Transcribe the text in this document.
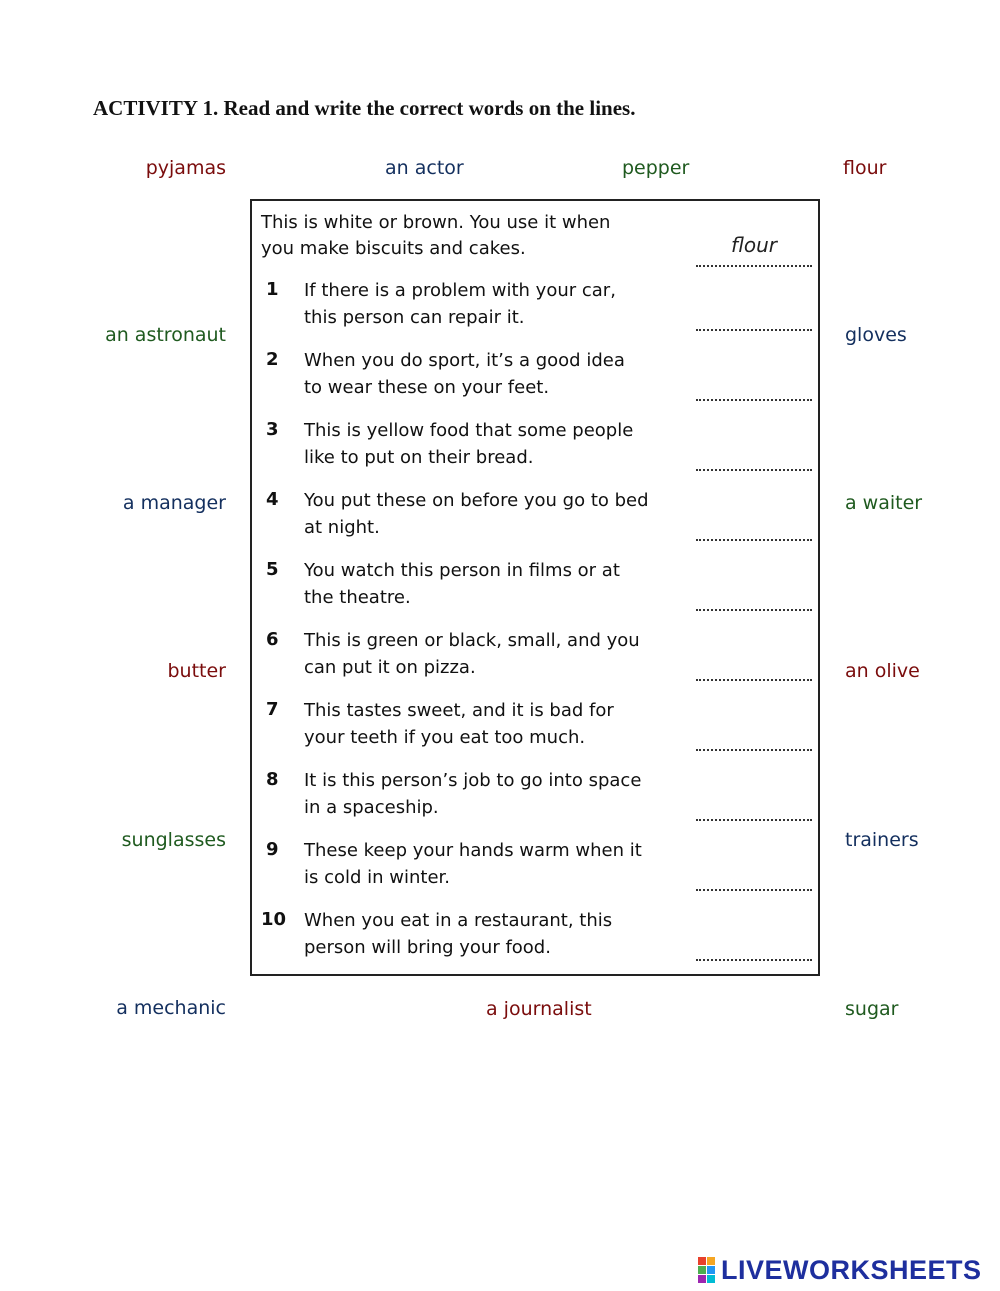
ACTIVITY 1. Read and write the correct words on the lines.
pyjamas	an actor	pepper	flour
an astronaut
a manager
butter
sunglasses
gloves
a waiter
an olive
trainers
a mechanic	a journalist	sugar
This is white or brown. You use it when
you make biscuits and cakes.	flour
1	If there is a problem with your car,
this person can repair it.
2	When you do sport, it’s a good idea
to wear these on your feet.
3	This is yellow food that some people
like to put on their bread.
4	You put these on before you go to bed
at night.
5	You watch this person in films or at
the theatre.
6	This is green or black, small, and you
can put it on pizza.
7	This tastes sweet, and it is bad for
your teeth if you eat too much.
8	It is this person’s job to go into space
in a spaceship.
9	These keep your hands warm when it
is cold in winter.
10 When you eat in a restaurant, this
person will bring your food.
LIVEWORKSHEETS
